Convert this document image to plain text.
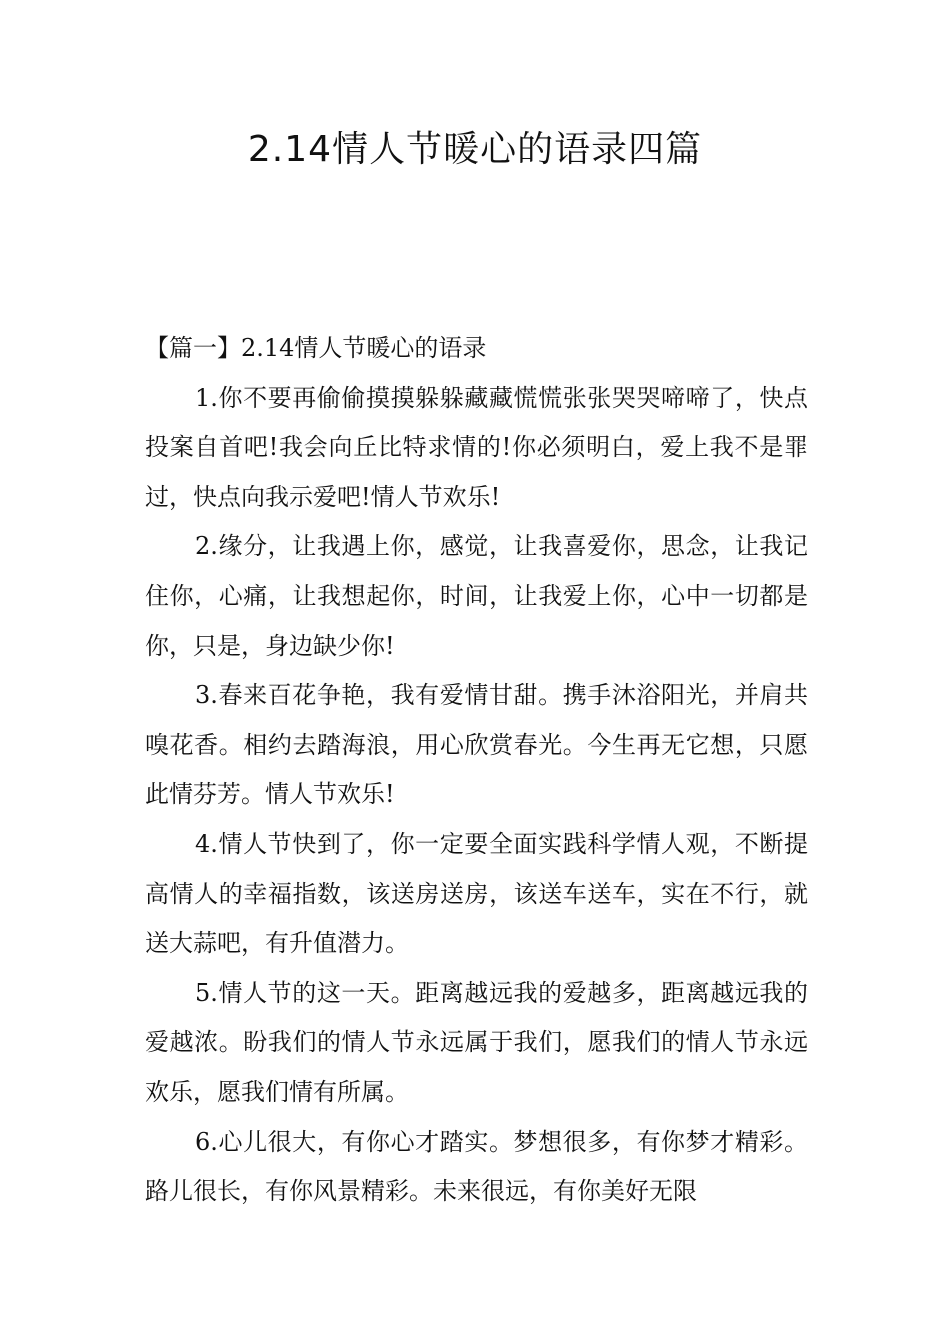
2.14情人节暖心的语录四篇
【篇一】2.14情人节暖心的语录

1.你不要再偷偷摸摸躲躲藏藏慌慌张张哭哭啼啼了，快点投案自首吧!我会向丘比特求情的!你必须明白，爱上我不是罪过，快点向我示爱吧!情人节欢乐!

2.缘分，让我遇上你，感觉，让我喜爱你，思念，让我记住你，心痛，让我想起你，时间，让我爱上你，心中一切都是你，只是，身边缺少你!

3.春来百花争艳，我有爱情甘甜。携手沐浴阳光，并肩共嗅花香。相约去踏海浪，用心欣赏春光。今生再无它想，只愿此情芬芳。情人节欢乐!

4.情人节快到了，你一定要全面实践科学情人观，不断提高情人的幸福指数，该送房送房，该送车送车，实在不行，就送大蒜吧，有升值潜力。

5.情人节的这一天。距离越远我的爱越多，距离越远我的爱越浓。盼我们的情人节永远属于我们，愿我们的情人节永远欢乐，愿我们情有所属。

6.心儿很大，有你心才踏实。梦想很多，有你梦才精彩。路儿很长，有你风景精彩。未来很远，有你美好无限
